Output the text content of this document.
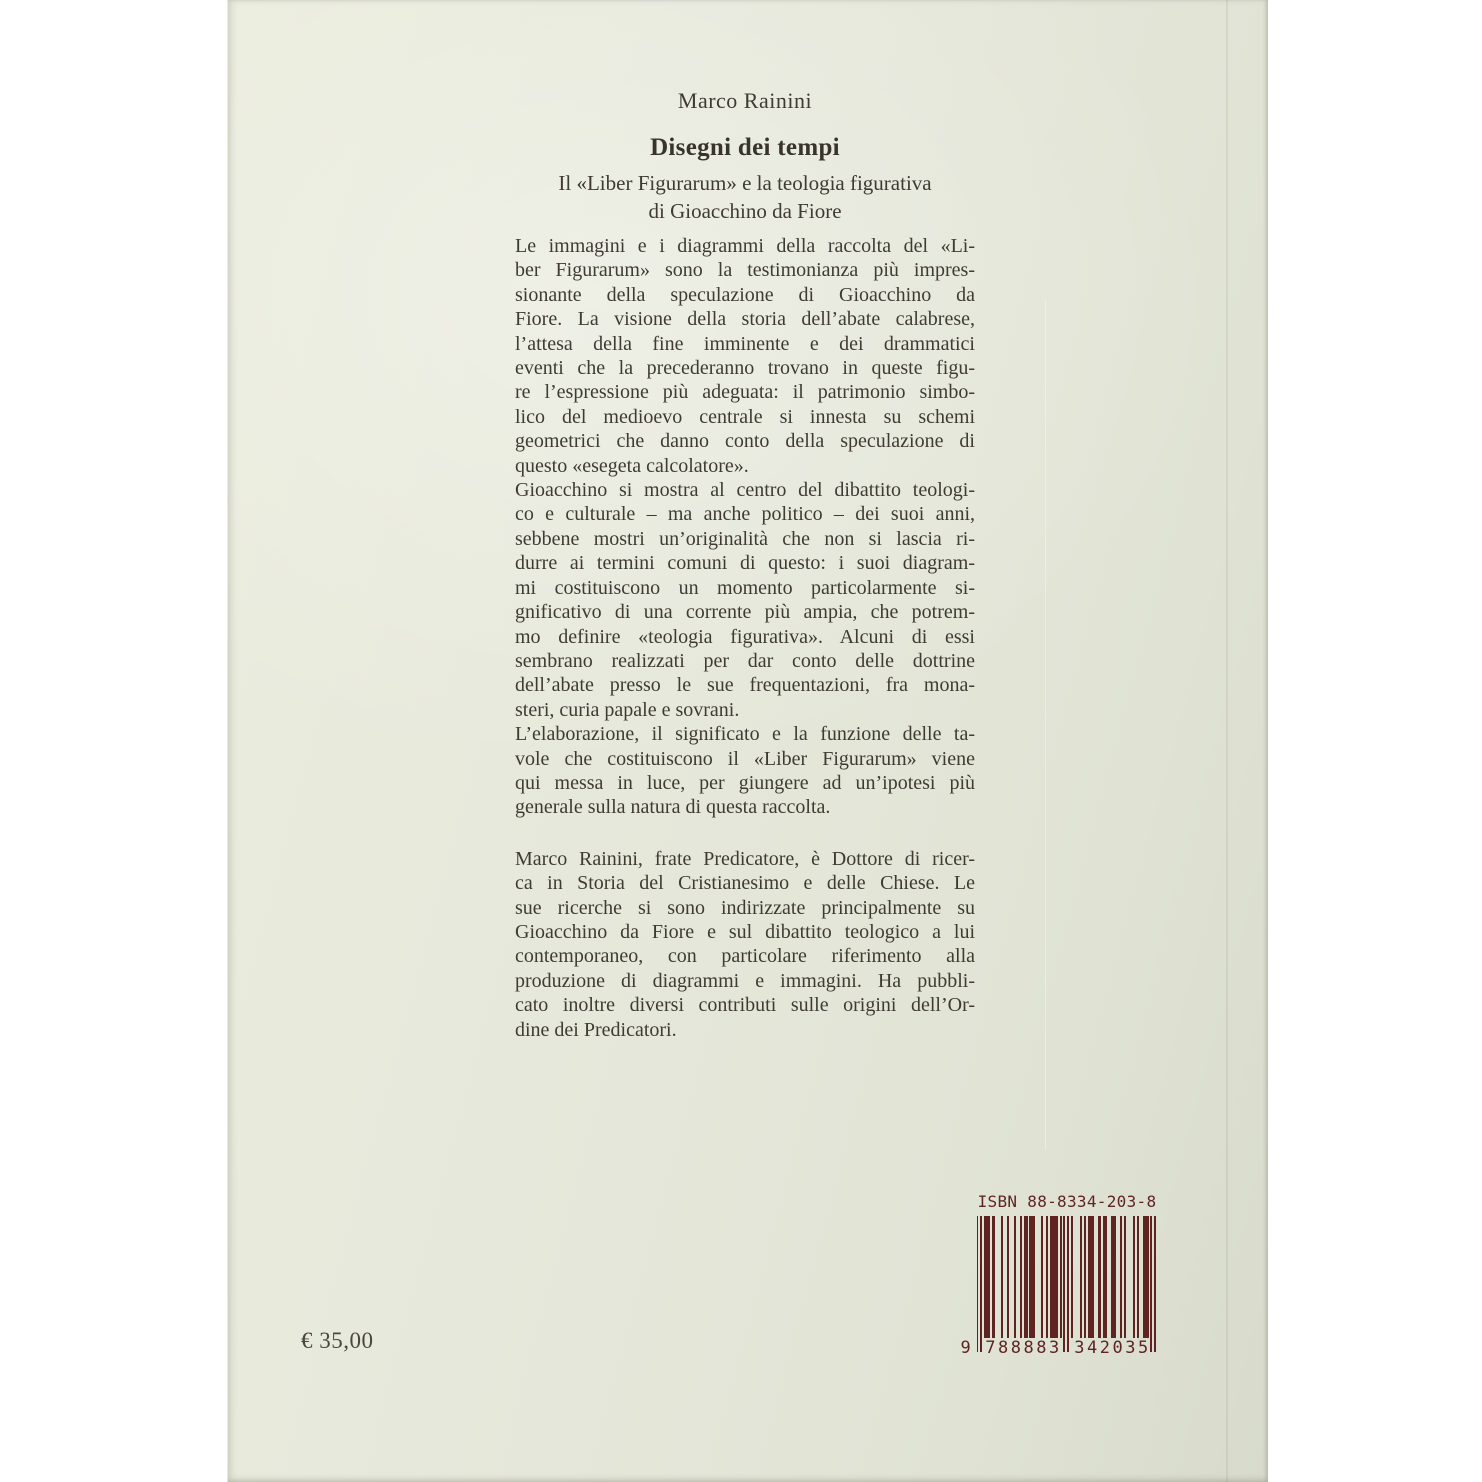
Marco Rainini
Disegni dei tempi
Il «Liber Figurarum» e la teologia figurativa
di Gioacchino da Fiore
Le immagini e i diagrammi della raccolta del «Li-
ber Figurarum» sono la testimonianza più impres-
sionante della speculazione di Gioacchino da
Fiore. La visione della storia dell’abate calabrese,
l’attesa della fine imminente e dei drammatici
eventi che la precederanno trovano in queste figu-
re l’espressione più adeguata: il patrimonio simbo-
lico del medioevo centrale si innesta su schemi
geometrici che danno conto della speculazione di
questo «esegeta calcolatore».
Gioacchino si mostra al centro del dibattito teologi-
co e culturale – ma anche politico – dei suoi anni,
sebbene mostri un’originalità che non si lascia ri-
durre ai termini comuni di questo: i suoi diagram-
mi costituiscono un momento particolarmente si-
gnificativo di una corrente più ampia, che potrem-
mo definire «teologia figurativa». Alcuni di essi
sembrano realizzati per dar conto delle dottrine
dell’abate presso le sue frequentazioni, fra mona-
steri, curia papale e sovrani.
L’elaborazione, il significato e la funzione delle ta-
vole che costituiscono il «Liber Figurarum» viene
qui messa in luce, per giungere ad un’ipotesi più
generale sulla natura di questa raccolta.
Marco Rainini, frate Predicatore, è Dottore di ricer-
ca in Storia del Cristianesimo e delle Chiese. Le
sue ricerche si sono indirizzate principalmente su
Gioacchino da Fiore e sul dibattito teologico a lui
contemporaneo, con particolare riferimento alla
produzione di diagrammi e immagini. Ha pubbli-
cato inoltre diversi contributi sulle origini dell’Or-
dine dei Predicatori.
€ 35,00
ISBN 88-8334-203-8
9 788883 342035
